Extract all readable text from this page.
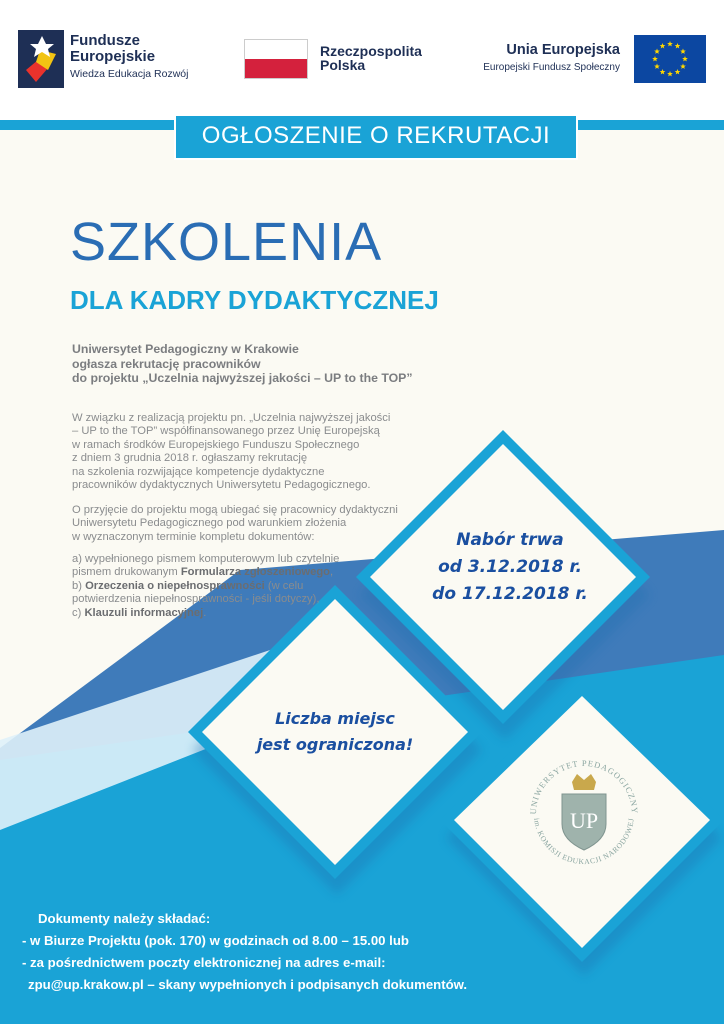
Fundusze
Europejskie
Wiedza Edukacja Rozwój
Rzeczpospolita
Polska
Unia Europejska
Europejski Fundusz Społeczny
OGŁOSZENIE O REKRUTACJI
SZKOLENIA
DLA KADRY DYDAKTYCZNEJ
Uniwersytet Pedagogiczny w Krakowie
ogłasza rekrutację pracowników
do projektu „Uczelnia najwyższej jakości – UP to the TOP”
W związku z realizacją projektu pn. „Uczelnia najwyższej jakości
– UP to the TOP” współfinansowanego przez Unię Europejską
w ramach środków Europejskiego Funduszu Społecznego
z dniem 3 grudnia 2018 r. ogłaszamy rekrutację
na szkolenia rozwijające kompetencje dydaktyczne
pracowników dydaktycznych Uniwersytetu Pedagogicznego.
O przyjęcie do projektu mogą ubiegać się pracownicy dydaktyczni
Uniwersytetu Pedagogicznego pod warunkiem złożenia
w wyznaczonym terminie kompletu dokumentów:
a) wypełnionego pismem komputerowym lub czytelnie
pismem drukowanym Formularza zgłoszeniowego,
b) Orzeczenia o niepełnosprawności (w celu
potwierdzenia niepełnosprawności - jeśli dotyczy),
c) Klauzuli informacyjnej.
Nabór trwa
od 3.12.2018 r.
do 17.12.2018 r.
Liczba miejsc
jest ograniczona!
UNIWERSYTET PEDAGOGICZNY
im. KOMISJI EDUKACJI NARODOWEJ
UP
Dokumenty należy składać:
- w Biurze Projektu (pok. 170) w godzinach od 8.00 – 15.00 lub
- za pośrednictwem poczty elektronicznej na adres e-mail:
zpu@up.krakow.pl – skany wypełnionych i podpisanych dokumentów.
